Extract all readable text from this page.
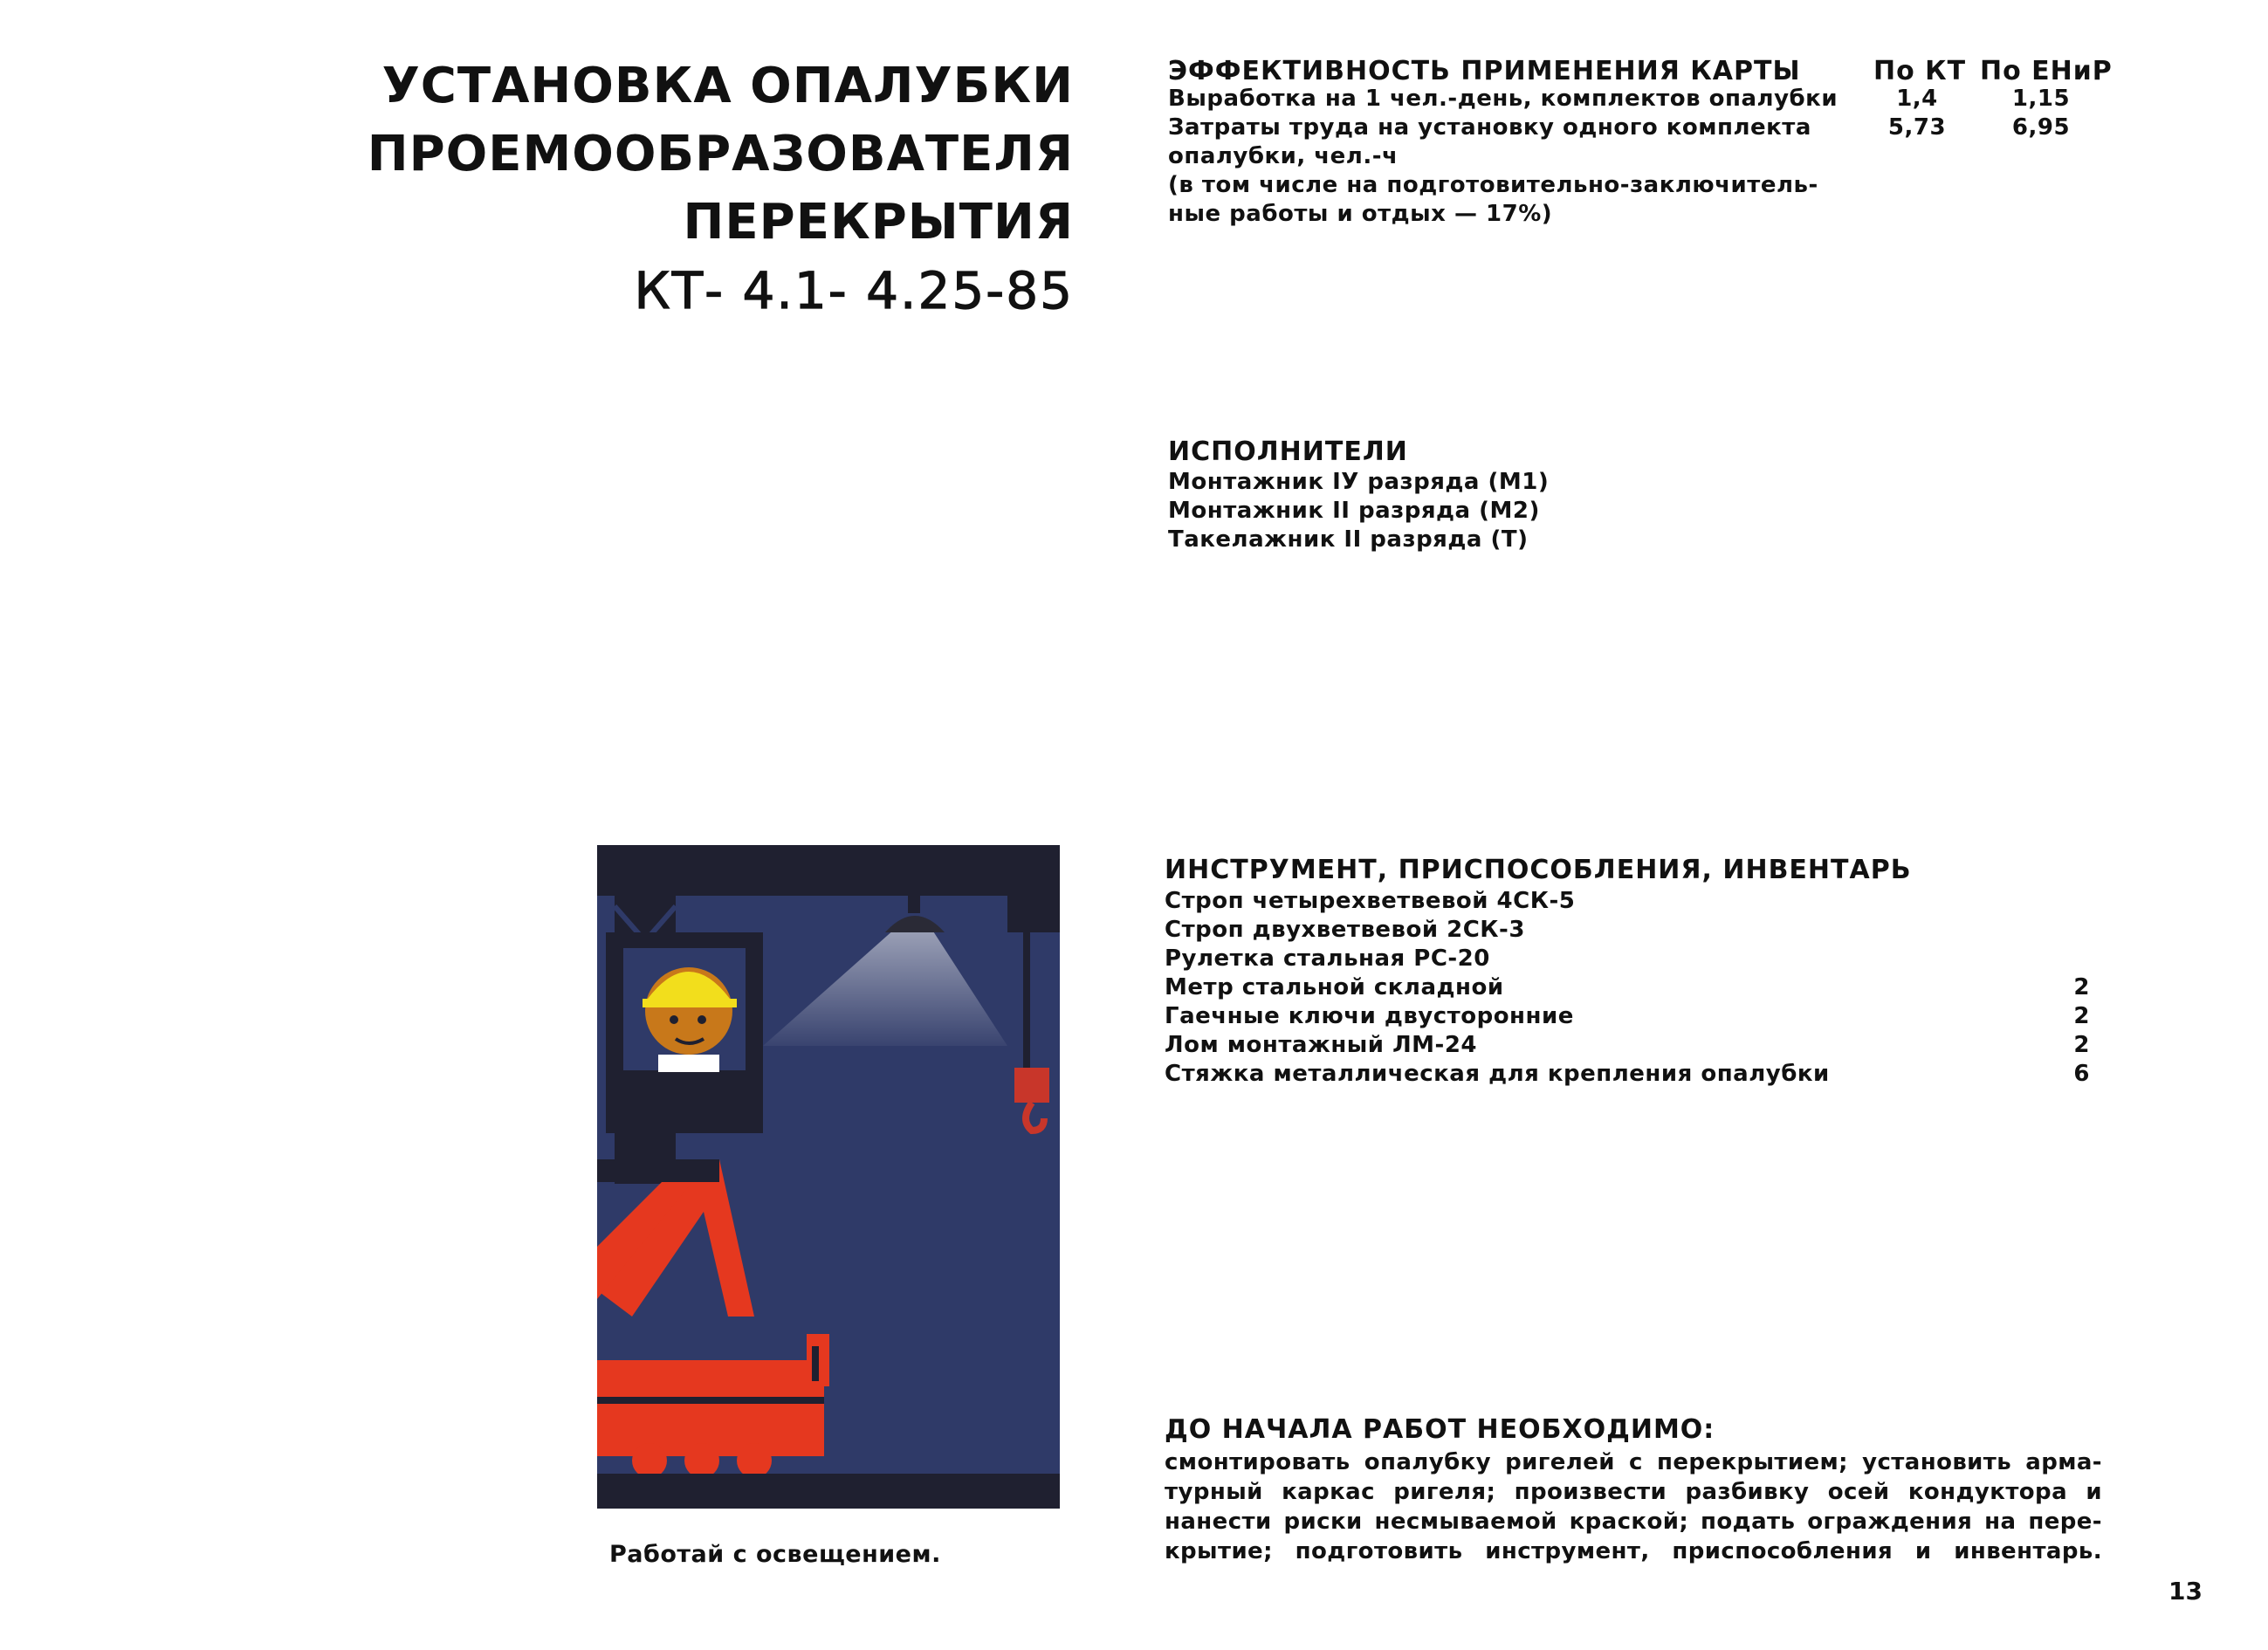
УСТАНОВКА ОПАЛУБКИ
ПРОЕМООБРАЗОВАТЕЛЯ
ПЕРЕКРЫТИЯ
КТ- 4.1- 4.25-85
ЭФФЕКТИВНОСТЬ ПРИМЕНЕНИЯ КАРТЫ	По КТ По ЕНиР
Выработка на 1 чел.-день, комплектов опалубки	1,4	1,15
Затраты труда на установку одного комплекта	5,73	6,95
опалубки, чел.-ч
(в том числе на подготовительно-заключитель-
ные работы и отдых — 17%)
ИСПОЛНИТЕЛИ
Монтажник IУ разряда (М1)
Монтажник II разряда (М2)
Такелажник II разряда (Т)
ИНСТРУМЕНТ, ПРИСПОСОБЛЕНИЯ, ИНВЕНТАРЬ
Строп четырехветвевой 4СК-5
Строп двухветвевой 2СК-3
Рулетка стальная РС-20
Метр стальной складной	2
Гаечные ключи двусторонние	2
Лом монтажный ЛМ-24	2
Стяжка металлическая для крепления опалубки	6
ДО НАЧАЛА РАБОТ НЕОБХОДИМО:
смонтировать опалубку ригелей с перекрытием; установить арма-
турный каркас ригеля; произвести разбивку осей кондуктора и
нанести риски несмываемой краской; подать ограждения на пере-
крытие; подготовить инструмент, приспособления и инвентарь.
Работай с освещением.
13
